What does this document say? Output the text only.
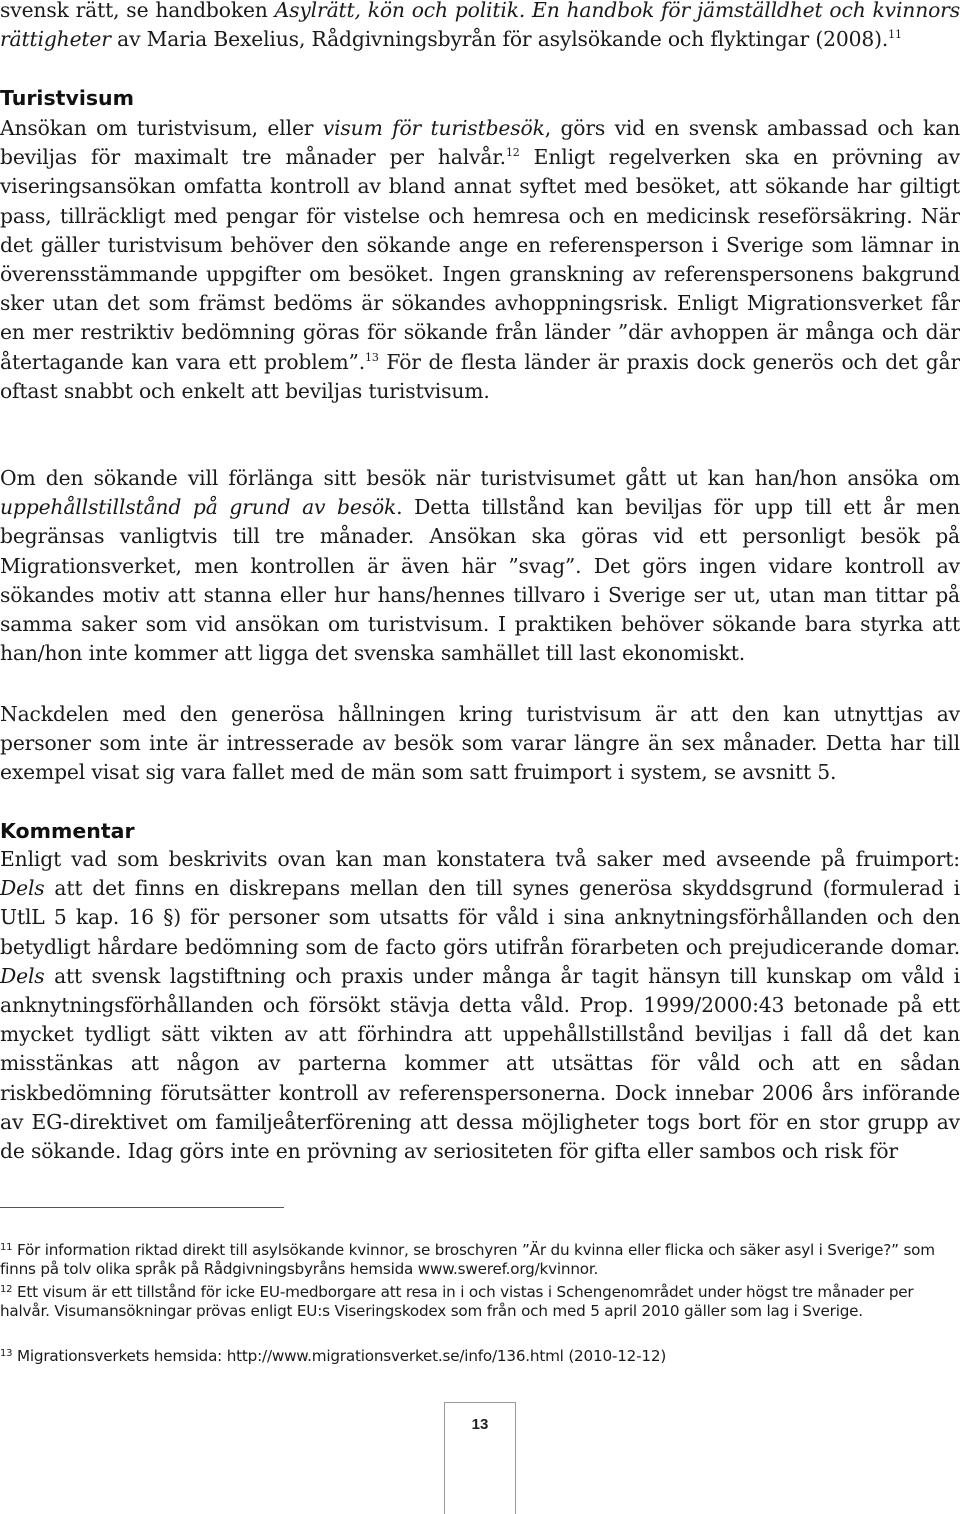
svensk rätt, se handboken Asylrätt, kön och politik. En handbok för jämställdhet och kvinnors rättigheter av Maria Bexelius, Rådgivningsbyrån för asylsökande och flyktingar (2008).$^{11}$

Turistvisum

Ansökan om turistvisum, eller visum för turistbesök, görs vid en svensk ambassad och kan beviljas för maximalt tre månader per halvår.$^{12}$ Enligt regelverken ska en prövning av viseringsansökan omfatta kontroll av bland annat syftet med besöket, att sökande har giltigt pass, tillräckligt med pengar för vistelse och hemresa och en medicinsk reseförsäkring. När det gäller turistvisum behöver den sökande ange en referensperson i Sverige som lämnar in överensstämmande uppgifter om besöket. Ingen granskning av referenspersonens bakgrund sker utan det som främst bedöms är sökandes avhoppningsrisk. Enligt Migrationsverket får en mer restriktiv bedömning göras för sökande från länder ”där avhoppen är många och där återtagande kan vara ett problem”.$^{13}$ För de flesta länder är praxis dock generös och det går oftast snabbt och enkelt att beviljas turistvisum.

Om den sökande vill förlänga sitt besök när turistvisumet gått ut kan han/hon ansöka om uppehållstillstånd på grund av besök. Detta tillstånd kan beviljas för upp till ett år men begränsas vanligtvis till tre månader. Ansökan ska göras vid ett personligt besök på Migrationsverket, men kontrollen är även här ”svag”. Det görs ingen vidare kontroll av sökandes motiv att stanna eller hur hans/hennes tillvaro i Sverige ser ut, utan man tittar på samma saker som vid ansökan om turistvisum. I praktiken behöver sökande bara styrka att han/hon inte kommer att ligga det svenska samhället till last ekonomiskt.

Nackdelen med den generösa hållningen kring turistvisum är att den kan utnyttjas av personer som inte är intresserade av besök som varar längre än sex månader. Detta har till exempel visat sig vara fallet med de män som satt fruimport i system, se avsnitt 5.

Kommentar

Enligt vad som beskrivits ovan kan man konstatera två saker med avseende på fruimport: Dels att det finns en diskrepans mellan den till synes generösa skyddsgrund (formulerad i UtlL 5 kap. 16 §) för personer som utsatts för våld i sina anknytningsförhållanden och den betydligt hårdare bedömning som de facto görs utifrån förarbeten och prejudicerande domar. Dels att svensk lagstiftning och praxis under många år tagit hänsyn till kunskap om våld i anknytningsförhållanden och försökt stävja detta våld. Prop. 1999/2000:43 betonade på ett mycket tydligt sätt vikten av att förhindra att uppehållstillstånd beviljas i fall då det kan misstänkas att någon av parterna kommer att utsättas för våld och att en sådan riskbedömning förutsätter kontroll av referenspersonerna. Dock innebar 2006 års införande av EG-direktivet om familjeåterförening att dessa möjligheter togs bort för en stor grupp av de sökande. Idag görs inte en prövning av seriositeten för gifta eller sambos och risk för

$^{11}$ För information riktad direkt till asylsökande kvinnor, se broschyren ”Är du kvinna eller flicka och säker asyl i Sverige?” som finns på tolv olika språk på Rådgivningsbyråns hemsida www.sweref.org/kvinnor.

$^{12}$ Ett visum är ett tillstånd för icke EU-medborgare att resa in i och vistas i Schengenområdet under högst tre månader per halvår. Visumansökningar prövas enligt EU:s Viseringskodex som från och med 5 april 2010 gäller som lag i Sverige.

$^{13}$ Migrationsverkets hemsida: http://www.migrationsverket.se/info/136.html (2010-12-12)

13
